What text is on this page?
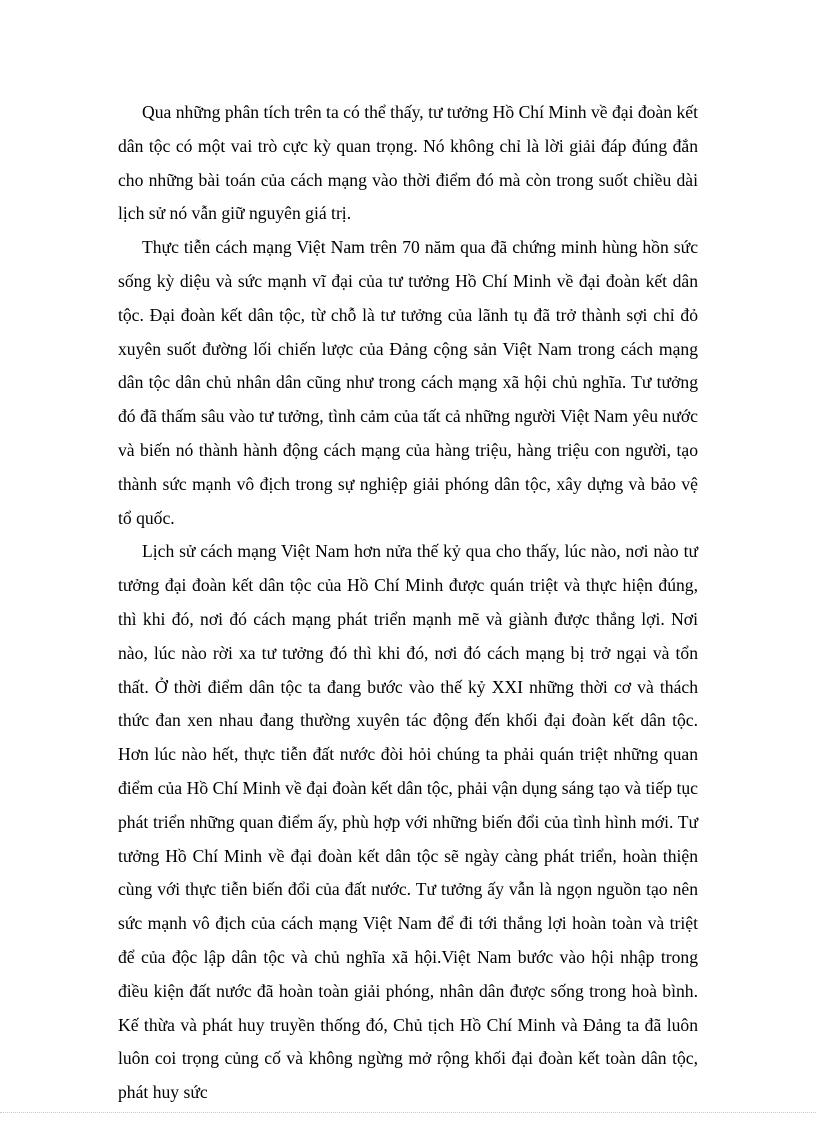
Qua những phân tích trên ta có thể thấy, tư tưởng Hồ Chí Minh về đại đoàn kết dân tộc có một vai trò cực kỳ quan trọng. Nó không chỉ là lời giải đáp đúng đắn cho những bài toán của cách mạng vào thời điểm đó mà còn trong suốt chiều dài lịch sử nó vẫn giữ nguyên giá trị.

Thực tiễn cách mạng Việt Nam trên 70 năm qua đã chứng minh hùng hồn sức sống kỳ diệu và sức mạnh vĩ đại của tư tưởng Hồ Chí Minh về đại đoàn kết dân tộc. Đại đoàn kết dân tộc, từ chỗ là tư tưởng của lãnh tụ đã trở thành sợi chỉ đỏ xuyên suốt đường lối chiến lược của Đảng cộng sản Việt Nam trong cách mạng dân tộc dân chủ nhân dân cũng như trong cách mạng xã hội chủ nghĩa. Tư tưởng đó đã thấm sâu vào tư tưởng, tình cảm của tất cả những người Việt Nam yêu nước và biến nó thành hành động cách mạng của hàng triệu, hàng triệu con người, tạo thành sức mạnh vô địch trong sự nghiệp giải phóng dân tộc, xây dựng và bảo vệ tổ quốc.

Lịch sử cách mạng Việt Nam hơn nửa thế kỷ qua cho thấy, lúc nào, nơi nào tư tưởng đại đoàn kết dân tộc của Hồ Chí Minh được quán triệt và thực hiện đúng, thì khi đó, nơi đó cách mạng phát triển mạnh mẽ và giành được thắng lợi. Nơi nào, lúc nào rời xa tư tưởng đó thì khi đó, nơi đó cách mạng bị trở ngại và tổn thất. Ở thời điểm dân tộc ta đang bước vào thế kỷ XXI những thời cơ và thách thức đan xen nhau đang thường xuyên tác động đến khối đại đoàn kết dân tộc. Hơn lúc nào hết, thực tiễn đất nước đòi hỏi chúng ta phải quán triệt những quan điểm của Hồ Chí Minh về đại đoàn kết dân tộc, phải vận dụng sáng tạo và tiếp tục phát triển những quan điểm ấy, phù hợp với những biến đổi của tình hình mới. Tư tưởng Hồ Chí Minh về đại đoàn kết dân tộc sẽ ngày càng phát triển, hoàn thiện cùng với thực tiễn biến đổi của đất nước. Tư tưởng ấy vẫn là ngọn nguồn tạo nên sức mạnh vô địch của cách mạng Việt Nam để đi tới thắng lợi hoàn toàn và triệt để của độc lập dân tộc và chủ nghĩa xã hội.Việt Nam bước vào hội nhập trong điều kiện đất nước đã hoàn toàn giải phóng, nhân dân được sống trong hoà bình. Kế thừa và phát huy truyền thống đó, Chủ tịch Hồ Chí Minh và Đảng ta đã luôn luôn coi trọng củng cố và không ngừng mở rộng khối đại đoàn kết toàn dân tộc, phát huy sức
